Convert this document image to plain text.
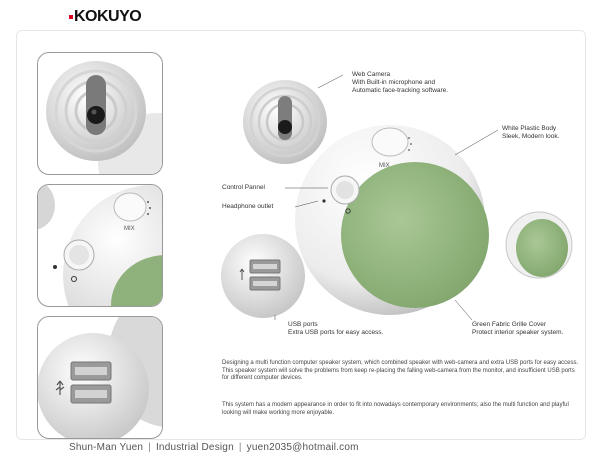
KOKUYO
MIX
MIX
Web Camera
With Built-in microphone and
Automatic face-tracking software.
White Plastic Body
Sleek, Modern look.
Control Pannel
Headphone outlet
USB ports
Extra USB ports for easy access.
Green Fabric Grille Cover
Protect interior speaker system.
Designing a multi function computer speaker system, which combined speaker with web-camera and extra USB ports for easy access. This speaker system will solve the problems from keep re-placing the falling web-camera from the monitor, and insufficient USB ports for different computer devices.
This system has a modern appearance in order to fit into nowadays contemporary environments; also the multi function and playful looking will make working more enjoyable.
Shun-Man Yuen | Industrial Design | yuen2035@hotmail.com
